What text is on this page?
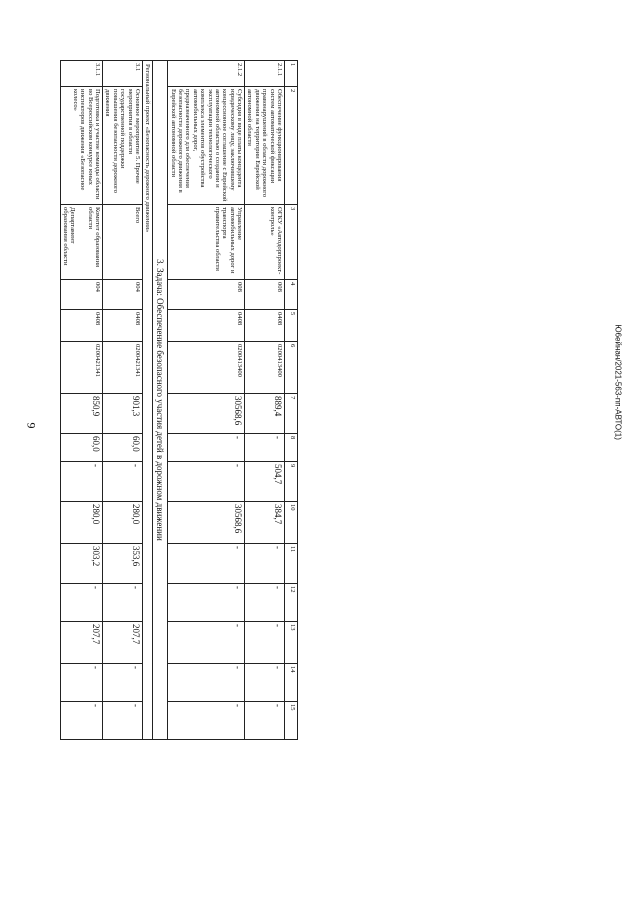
9	Ю6ейнан/2021-563-пп-АВТО(1)
1	2	3	4	5	6	7	8	9	10	11	12	13	14	15
2.1.1	Обеспечение функционирования систем автоматической фиксации правонарушений в области дорожного движения на территории Еврейской автономной области	ОГКУ «Автодорпроект-контроль»	008	0408	0200413400	889,4	-	504,7	384,7	-	-	-	-	-
2.1.2	Субсидия в виде платы концедента юридическому лицу, заключившему концессионное соглашение с Еврейской автономной областью о создании и эксплуатации технологического комплекса элементов обустройства автомобильных дорог, предназначенного для обеспечения безопасности дорожного движения в Еврейской автономной области	Управление автомобильных дорог и транспорта правительства области	008	0408	0200413400	30568,6	-	-	30568,6	-	-	-	-	-
3. Задача: Обеспечение безопасного участия детей в дорожном движении														
Региональный проект «Безопасность дорожного движения»														
3.1	Основное мероприятие 5. Прочие мероприятия в области государственной поддержки повышения безопасности дорожного движения	Всего	004	0408	0200421341	901,3	60,0	-	280,0	353,6	-	207,7	-	-
3.1.1	Подготовка и участие команды области во Всероссийском конкурсе юных инспекторов движения «Безопасное колесо»	Комитет образования области
Департамент образования области	004	0408	0200421341	850,9	60,0	-	280,0	303,2	-	207,7	-	-
